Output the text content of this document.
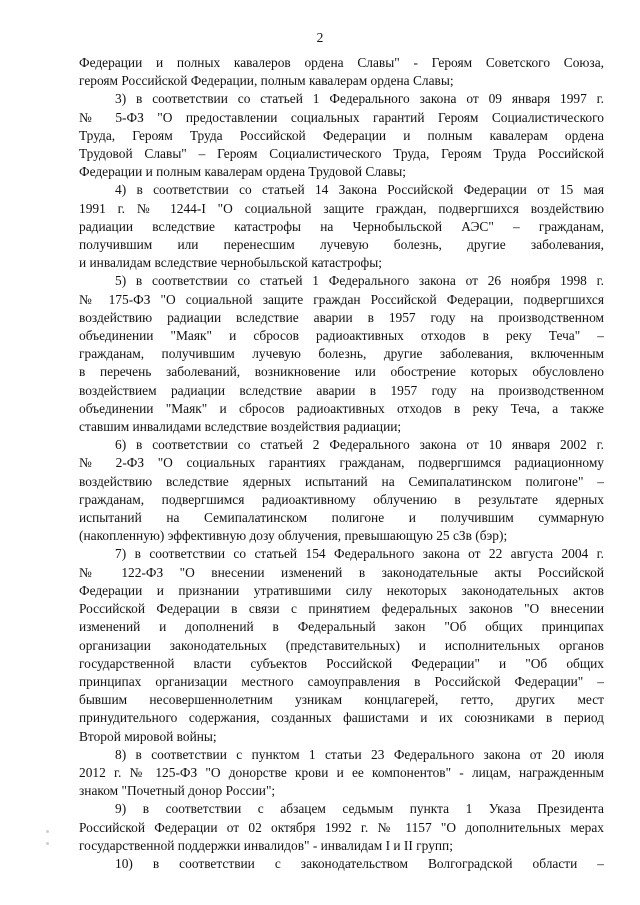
2
Федерации и полных кавалеров ордена Славы" - Героям Советского Союза,
героям Российской Федерации, полным кавалерам ордена Славы;
3) в соответствии со статьей 1 Федерального закона от 09 января 1997 г.
№ 5-ФЗ "О предоставлении социальных гарантий Героям Социалистического
Труда, Героям Труда Российской Федерации и полным кавалерам ордена
Трудовой Славы" – Героям Социалистического Труда, Героям Труда Российской
Федерации и полным кавалерам ордена Трудовой Славы;
4) в соответствии со статьей 14 Закона Российской Федерации от 15 мая
1991 г. № 1244-I "О социальной защите граждан, подвергшихся воздействию
радиации вследствие катастрофы на Чернобыльской АЭС" – гражданам,
получившим или перенесшим лучевую болезнь, другие заболевания,
и инвалидам вследствие чернобыльской катастрофы;
5) в соответствии со статьей 1 Федерального закона от 26 ноября 1998 г.
№ 175-ФЗ "О социальной защите граждан Российской Федерации, подвергшихся
воздействию радиации вследствие аварии в 1957 году на производственном
объединении "Маяк" и сбросов радиоактивных отходов в реку Теча" –
гражданам, получившим лучевую болезнь, другие заболевания, включенным
в перечень заболеваний, возникновение или обострение которых обусловлено
воздействием радиации вследствие аварии в 1957 году на производственном
объединении "Маяк" и сбросов радиоактивных отходов в реку Теча, а также
ставшим инвалидами вследствие воздействия радиации;
6) в соответствии со статьей 2 Федерального закона от 10 января 2002 г.
№ 2-ФЗ "О социальных гарантиях гражданам, подвергшимся радиационному
воздействию вследствие ядерных испытаний на Семипалатинском полигоне" –
гражданам, подвергшимся радиоактивному облучению в результате ядерных
испытаний на Семипалатинском полигоне и получившим суммарную
(накопленную) эффективную дозу облучения, превышающую 25 сЗв (бэр);
7) в соответствии со статьей 154 Федерального закона от 22 августа 2004 г.
№ 122-ФЗ "О внесении изменений в законодательные акты Российской
Федерации и признании утратившими силу некоторых законодательных актов
Российской Федерации в связи с принятием федеральных законов "О внесении
изменений и дополнений в Федеральный закон "Об общих принципах
организации законодательных (представительных) и исполнительных органов
государственной власти субъектов Российской Федерации" и "Об общих
принципах организации местного самоуправления в Российской Федерации" –
бывшим несовершеннолетним узникам концлагерей, гетто, других мест
принудительного содержания, созданных фашистами и их союзниками в период
Второй мировой войны;
8) в соответствии с пунктом 1 статьи 23 Федерального закона от 20 июля
2012 г. № 125-ФЗ "О донорстве крови и ее компонентов" - лицам, награжденным
знаком "Почетный донор России";
9) в соответствии с абзацем седьмым пункта 1 Указа Президента
Российской Федерации от 02 октября 1992 г. № 1157 "О дополнительных мерах
государственной поддержки инвалидов" - инвалидам I и II групп;
10) в соответствии с законодательством Волгоградской области –
